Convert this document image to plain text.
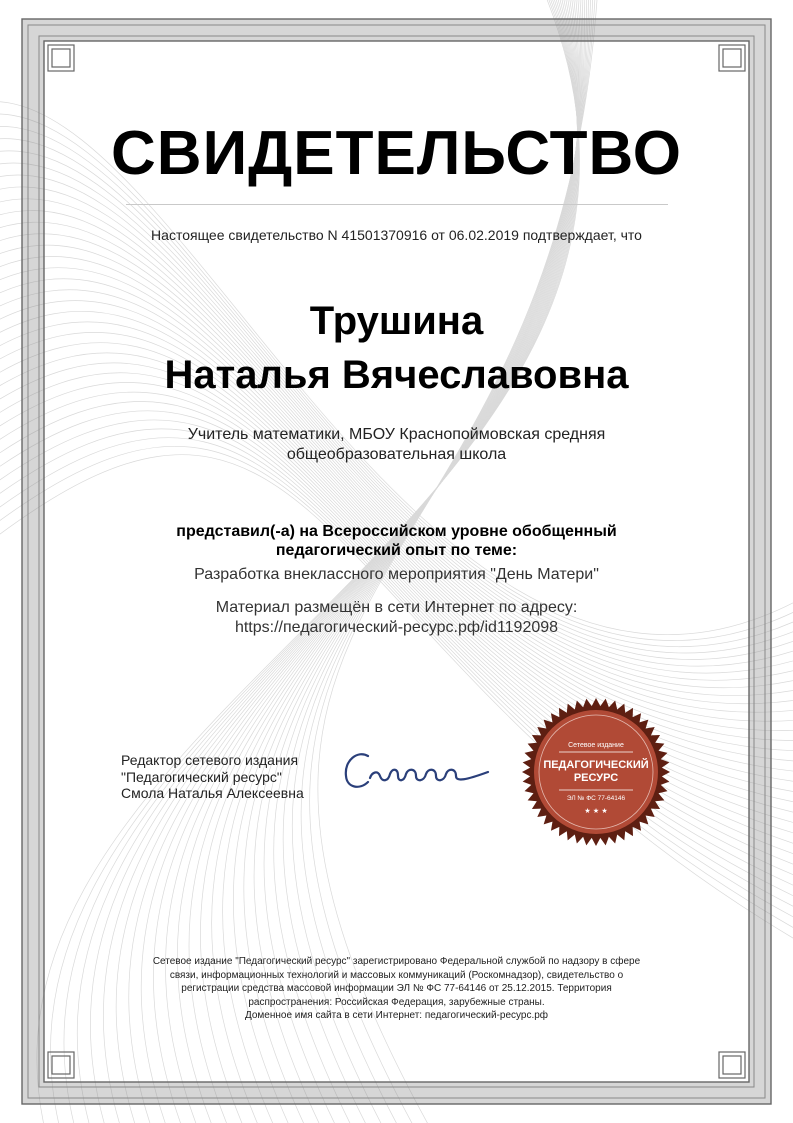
СВИДЕТЕЛЬСТВО
Настоящее свидетельство N 41501370916 от 06.02.2019 подтверждает, что
Трушина
Наталья Вячеславовна
Учитель математики, МБОУ Краснопоймовская средняя
общеобразовательная школа
представил(-а) на Всероссийском уровне обобщенный
педагогический опыт по теме:
Разработка внеклассного мероприятия "День Матери"
Материал размещён в сети Интернет по адресу:
https://педагогический-ресурс.рф/id1192098
Редактор сетевого издания
"Педагогический ресурс"
Смола Наталья Алексеевна
Сетевое издание
ПЕДАГОГИЧЕСКИЙ
РЕСУРС
ЭЛ № ФС 77-64146
★ ★ ★
Сетевое издание "Педагогический ресурс" зарегистрировано Федеральной службой по надзору в сфере
связи, информационных технологий и массовых коммуникаций (Роскомнадзор), свидетельство о
регистрации средства массовой информации ЭЛ № ФС 77-64146 от 25.12.2015. Территория
распространения: Российская Федерация, зарубежные страны.
Доменное имя сайта в сети Интернет: педагогический-ресурс.рф
